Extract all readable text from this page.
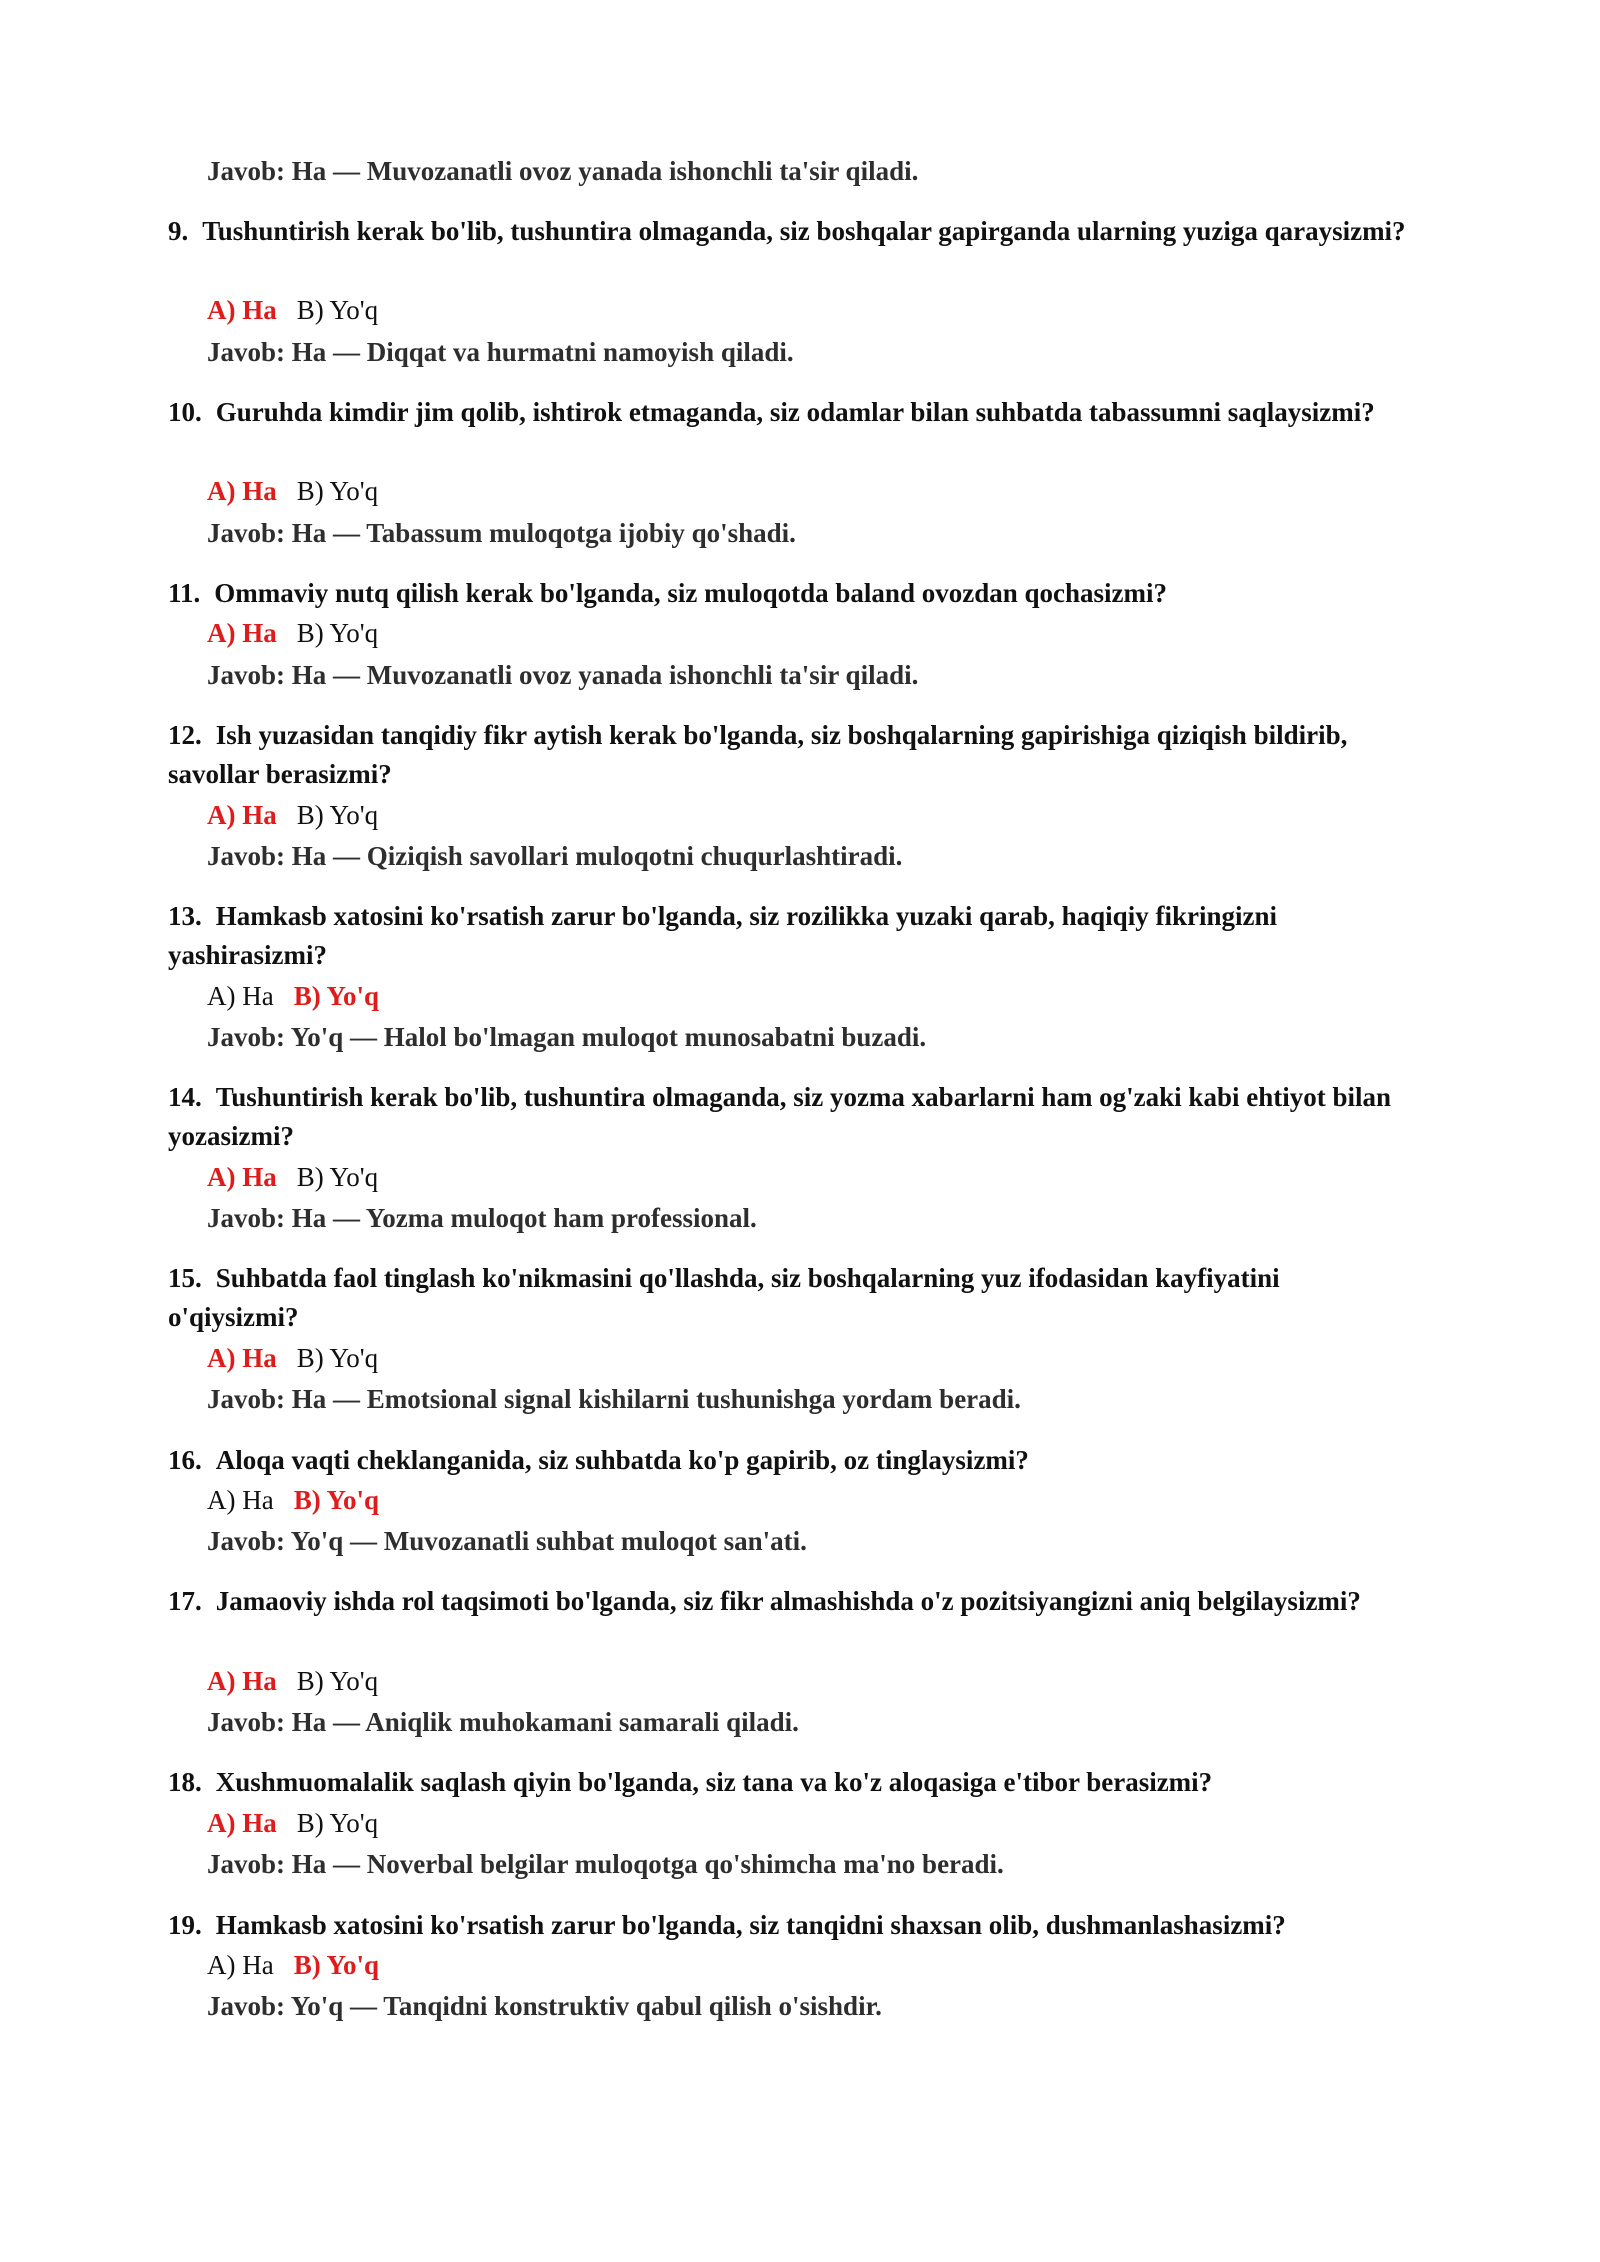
Javob: Ha — Muvozanatli ovoz yanada ishonchli ta'sir qiladi.
9. Tushuntirish kerak bo'lib, tushuntira olmaganda, siz boshqalar gapirganda ularning yuziga qaraysizmi?
A) Ha B) Yo'q
Javob: Ha — Diqqat va hurmatni namoyish qiladi.
10. Guruhda kimdir jim qolib, ishtirok etmaganda, siz odamlar bilan suhbatda tabassumni saqlaysizmi?
A) Ha B) Yo'q
Javob: Ha — Tabassum muloqotga ijobiy qo'shadi.
11. Ommaviy nutq qilish kerak bo'lganda, siz muloqotda baland ovozdan qochasizmi?
A) Ha B) Yo'q
Javob: Ha — Muvozanatli ovoz yanada ishonchli ta'sir qiladi.
12. Ish yuzasidan tanqidiy fikr aytish kerak bo'lganda, siz boshqalarning gapirishiga qiziqish bildirib, savollar berasizmi?
A) Ha B) Yo'q
Javob: Ha — Qiziqish savollari muloqotni chuqurlashtiradi.
13. Hamkasb xatosini ko'rsatish zarur bo'lganda, siz rozilikka yuzaki qarab, haqiqiy fikringizni yashirasizmi?
A) Ha B) Yo'q
Javob: Yo'q — Halol bo'lmagan muloqot munosabatni buzadi.
14. Tushuntirish kerak bo'lib, tushuntira olmaganda, siz yozma xabarlarni ham og'zaki kabi ehtiyot bilan yozasizmi?
A) Ha B) Yo'q
Javob: Ha — Yozma muloqot ham professional.
15. Suhbatda faol tinglash ko'nikmasini qo'llashda, siz boshqalarning yuz ifodasidan kayfiyatini o'qiysizmi?
A) Ha B) Yo'q
Javob: Ha — Emotsional signal kishilarni tushunishga yordam beradi.
16. Aloqa vaqti cheklanganida, siz suhbatda ko'p gapirib, oz tinglaysizmi?
A) Ha B) Yo'q
Javob: Yo'q — Muvozanatli suhbat muloqot san'ati.
17. Jamaoviy ishda rol taqsimoti bo'lganda, siz fikr almashishda o'z pozitsiyangizni aniq belgilaysizmi?
A) Ha B) Yo'q
Javob: Ha — Aniqlik muhokamani samarali qiladi.
18. Xushmuomalalik saqlash qiyin bo'lganda, siz tana va ko'z aloqasiga e'tibor berasizmi?
A) Ha B) Yo'q
Javob: Ha — Noverbal belgilar muloqotga qo'shimcha ma'no beradi.
19. Hamkasb xatosini ko'rsatish zarur bo'lganda, siz tanqidni shaxsan olib, dushmanlashasizmi?
A) Ha B) Yo'q
Javob: Yo'q — Tanqidni konstruktiv qabul qilish o'sishdir.
